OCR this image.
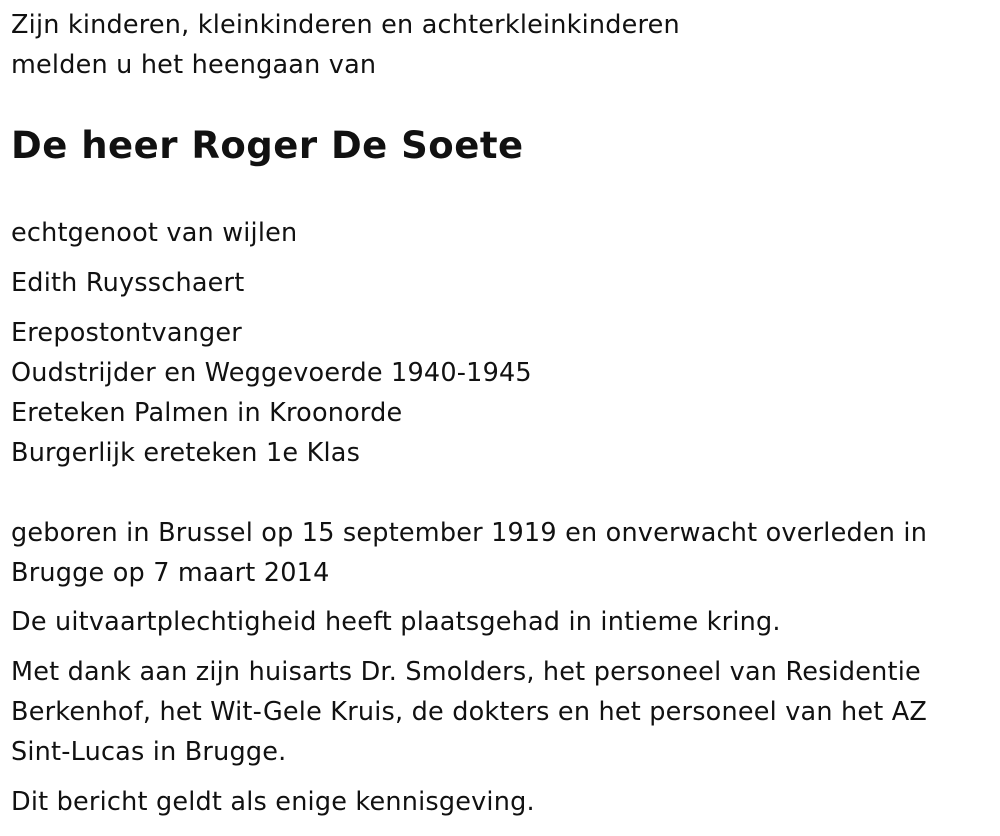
Zijn kinderen, kleinkinderen en achterkleinkinderen
melden u het heengaan van
De heer Roger De Soete
echtgenoot van wijlen
Edith Ruysschaert
Erepostontvanger
Oudstrijder en Weggevoerde 1940-1945
Ereteken Palmen in Kroonorde
Burgerlijk ereteken 1e Klas
geboren in Brussel op 15 september 1919 en onverwacht overleden in
Brugge op 7 maart 2014
De uitvaartplechtigheid heeft plaatsgehad in intieme kring.
Met dank aan zijn huisarts Dr. Smolders, het personeel van Residentie
Berkenhof, het Wit-Gele Kruis, de dokters en het personeel van het AZ
Sint-Lucas in Brugge.
Dit bericht geldt als enige kennisgeving.
